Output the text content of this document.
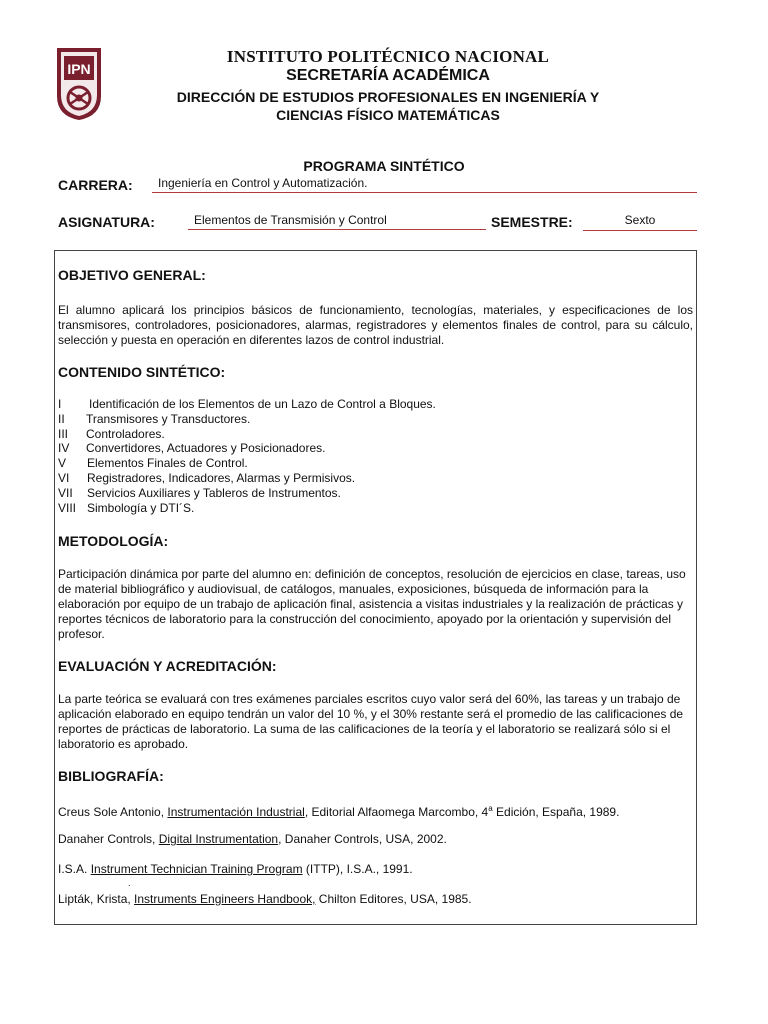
IPN
INSTITUTO POLITÉCNICO NACIONAL
SECRETARÍA ACADÉMICA
DIRECCIÓN DE ESTUDIOS PROFESIONALES EN INGENIERÍA Y
CIENCIAS FÍSICO MATEMÁTICAS
PROGRAMA SINTÉTICO
CARRERA:	Ingeniería en Control y Automatización.
ASIGNATURA:	Elementos de Transmisión y Control	SEMESTRE:	Sexto
OBJETIVO GENERAL:
El alumno aplicará los principios básicos de funcionamiento, tecnologías, materiales, y especificaciones de los transmisores, controladores, posicionadores, alarmas, registradores y elementos finales de control, para su cálculo, selección y puesta en operación en diferentes lazos de control industrial.
CONTENIDO SINTÉTICO:
I	Identificación de los Elementos de un Lazo de Control a Bloques.
II	Transmisores y Transductores.
III	Controladores.
IV	Convertidores, Actuadores y Posicionadores.
V	Elementos Finales de Control.
VI	Registradores, Indicadores, Alarmas y Permisivos.
VII	Servicios Auxiliares y Tableros de Instrumentos.
VIII Simbología y DTI´S.
METODOLOGÍA:
Participación dinámica por parte del alumno en: definición de conceptos, resolución de ejercicios en clase, tareas, uso de material bibliográfico y audiovisual, de catálogos, manuales, exposiciones, búsqueda de información para la elaboración por equipo de un trabajo de aplicación final, asistencia a visitas industriales y la realización de prácticas y reportes técnicos de laboratorio para la construcción del conocimiento, apoyado por la orientación y supervisión del profesor.
EVALUACIÓN Y ACREDITACIÓN:
La parte teórica se evaluará con tres exámenes parciales escritos cuyo valor será del 60%, las tareas y un trabajo de aplicación elaborado en equipo tendrán un valor del 10 %, y el 30% restante será el promedio de las calificaciones de reportes de prácticas de laboratorio. La suma de las calificaciones de la teoría y el laboratorio se realizará sólo si el laboratorio es aprobado.
BIBLIOGRAFÍA:
Creus Sole Antonio, Instrumentación Industrial, Editorial Alfaomega Marcombo, 4$^a$ Edición, España, 1989.
Danaher Controls, Digital Instrumentation, Danaher Controls, USA, 2002.
I.S.A. Instrument Technician Training Program (ITTP), I.S.A., 1991.
.
Lipták, Krista, Instruments Engineers Handbook, Chilton Editores, USA, 1985.
